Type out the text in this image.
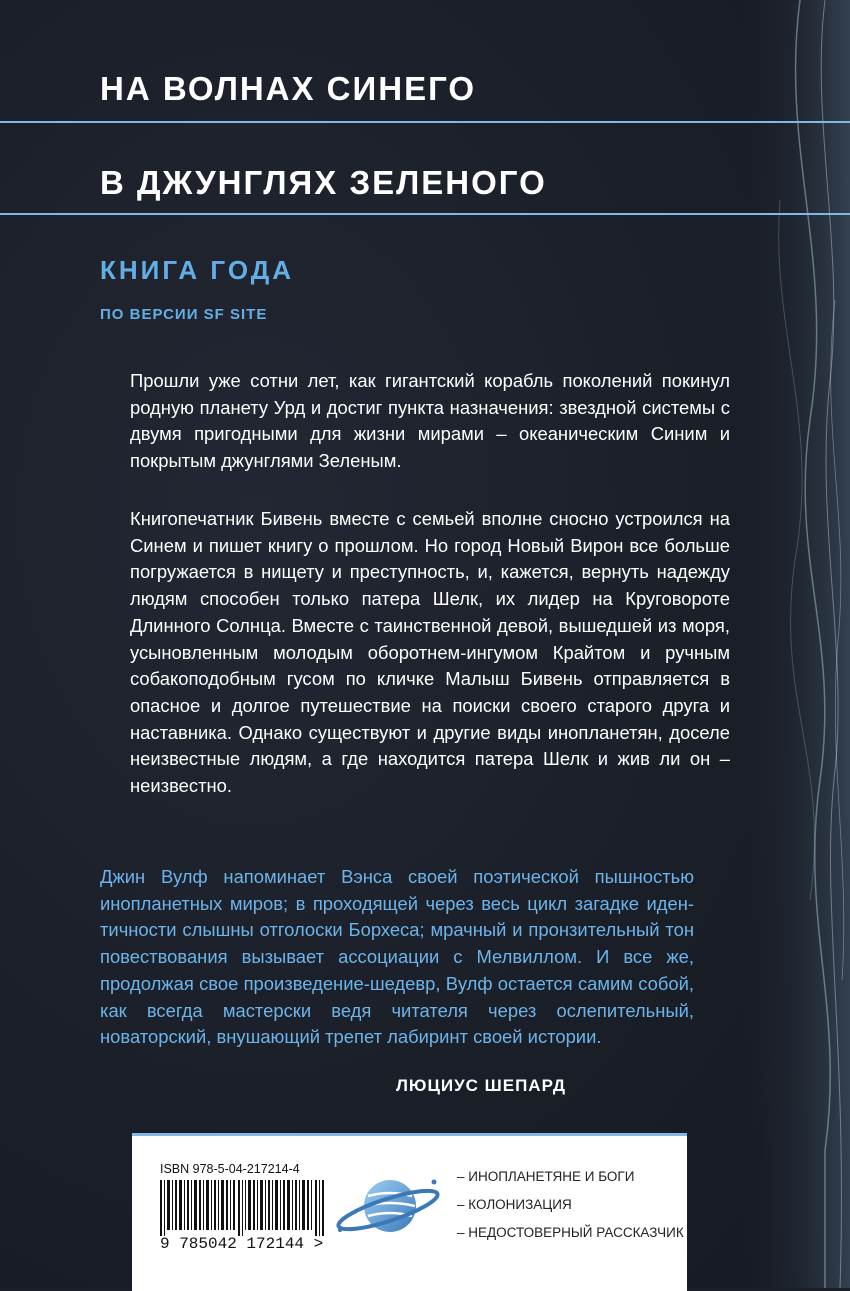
НА ВОЛНАХ СИНЕГО
В ДЖУНГЛЯХ ЗЕЛЕНОГО
КНИГА ГОДА
ПО ВЕРСИИ SF SITE

Прошли уже сотни лет, как гигантский корабль поколений покинул родную планету Урд и достиг пункта назначения: звездной системы с двумя пригодными для жизни мирами – океаническим Синим и покрытым джунглями Зеленым.

Книгопечатник Бивень вместе с семьей вполне сносно устроился на Синем и пишет книгу о прошлом. Но город Новый Вирон все больше погружается в нищету и преступность, и, кажется, вернуть надежду людям способен только патера Шелк, их лидер на Круговороте Длинного Солнца. Вместе с таинственной девой, вышедшей из моря, усыновленным молодым оборотнем-ингумом Крайтом и ручным собакоподобным гусом по кличке Малыш Бивень отправляется в опасное и долгое путешествие на поиски своего старого друга и наставника. Однако существуют и другие виды инопланетян, доселе неизвестные людям, а где находится патера Шелк и жив ли он – неизвестно.

Джин Вулф напоминает Вэнса своей поэтической пышностью инопланетных миров; в проходящей через весь цикл загадке идентичности слышны отголоски Борхеса; мрачный и пронзительный тон повествования вызывает ассоциации с Мелвиллом. И все же, продолжая свое произведение-шедевр, Вулф остается самим собой, как всегда мастерски ведя читателя через ослепительный, новаторский, внушающий трепет лабиринт своей истории.

ЛЮЦИУС ШЕПАРД
ISBN 978-5-04-217214-4
9 785042 172144 >
– ИНОПЛАНЕТЯНЕ И БОГИ
– КОЛОНИЗАЦИЯ
– НЕДОСТОВЕРНЫЙ РАССКАЗЧИК
